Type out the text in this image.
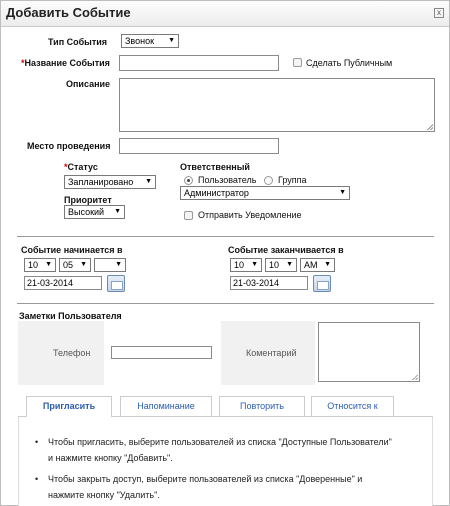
Добавить Событие	x
Тип События	Звонок ▼
*Название События	Сделать Публичным
Описание
Место проведения
*Статус
Запланировано ▼
Приоритет
Высокий ▼
Ответственный
Пользователь Группа
Администратор	▼
Отправить Уведомление
Событие начинается в
10 ▼	05 ▼	▼
21-03-2014
Событие заканчивается в
10 ▼	10 ▼	AM ▼
21-03-2014
Заметки Пользователя
Телефон	Коментарий
Пригласить	Напоминание	Повторить	Относится к
• Чтобы пригласить, выберите пользователей из списка "Доступные Пользователи"
и нажмите кнопку "Добавить".
• Чтобы закрыть доступ, выберите пользователей из списка "Доверенные" и
нажмите кнопку "Удалить".
